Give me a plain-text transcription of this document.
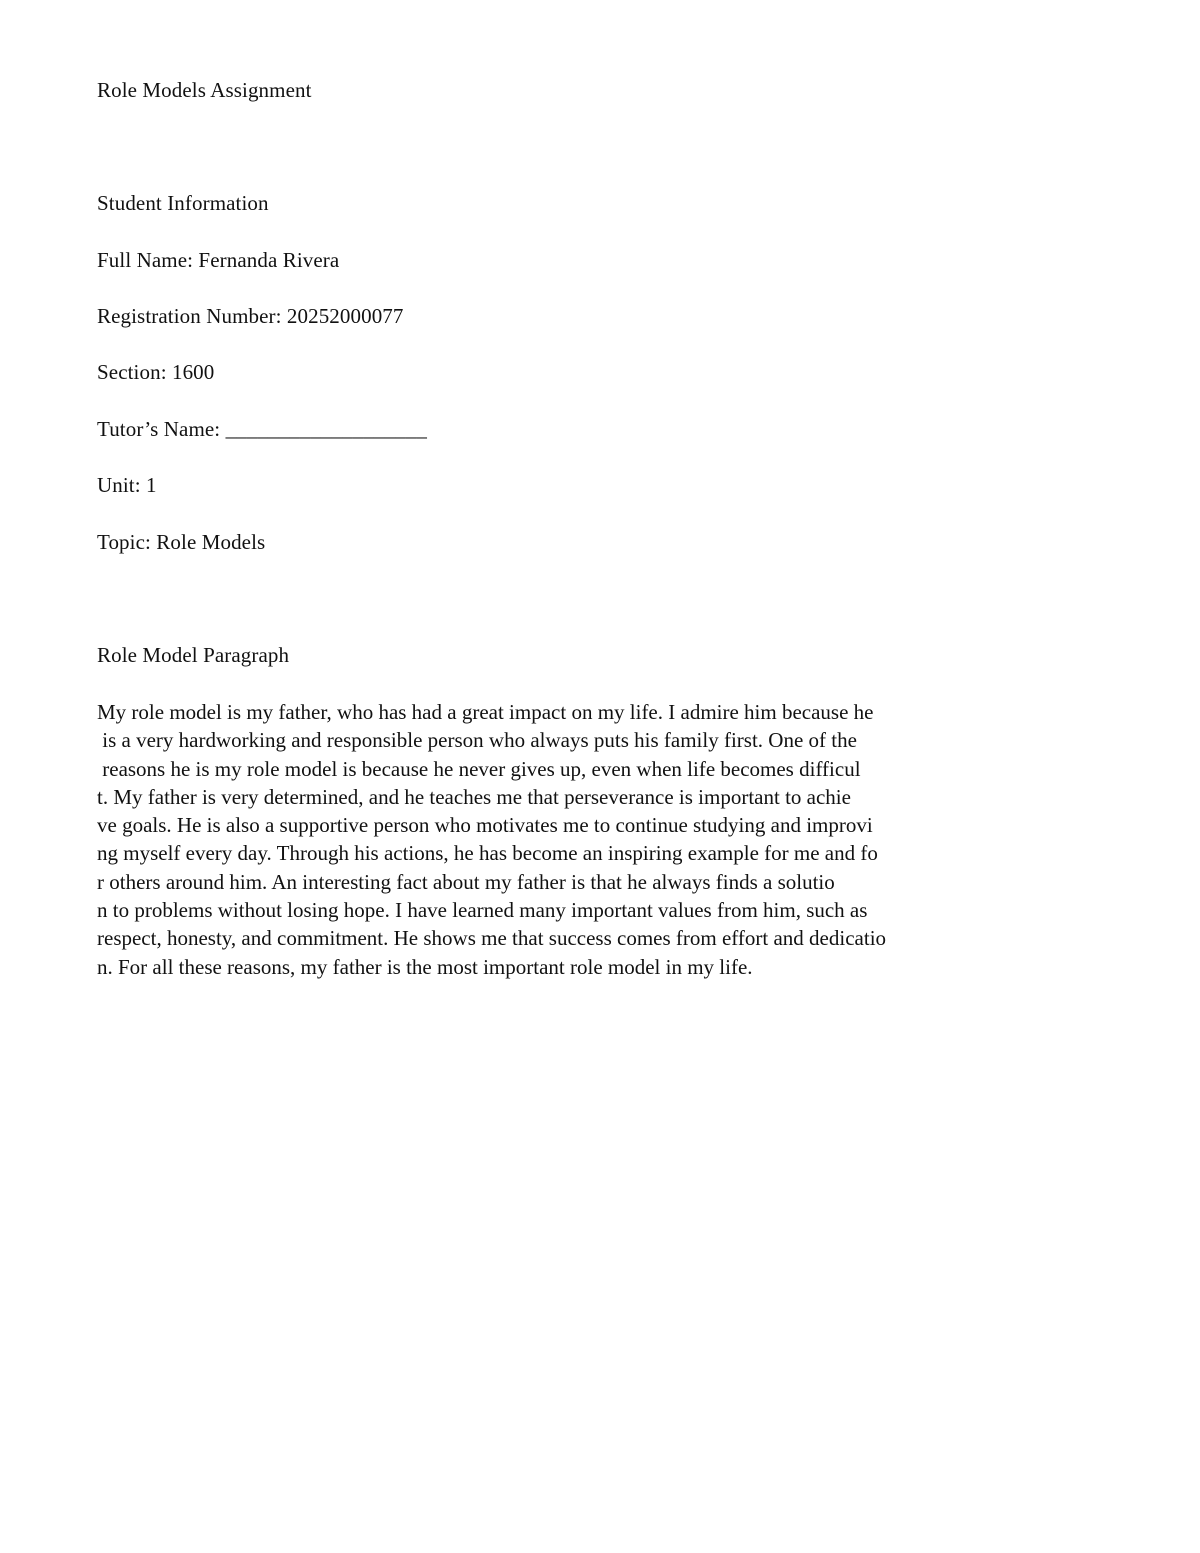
Role Models Assignment
Student Information
Full Name: Fernanda Rivera
Registration Number: 20252000077
Section: 1600
Tutor’s Name: ___________________
Unit: 1
Topic: Role Models
Role Model Paragraph
My role model is my father, who has had a great impact on my life. I admire him because he
is a very hardworking and responsible person who always puts his family first. One of the
reasons he is my role model is because he never gives up, even when life becomes difficul
t. My father is very determined, and he teaches me that perseverance is important to achie
ve goals. He is also a supportive person who motivates me to continue studying and improvi
ng myself every day. Through his actions, he has become an inspiring example for me and fo
r others around him. An interesting fact about my father is that he always finds a solutio
n to problems without losing hope. I have learned many important values from him, such as
respect, honesty, and commitment. He shows me that success comes from effort and dedicatio
n. For all these reasons, my father is the most important role model in my life.
